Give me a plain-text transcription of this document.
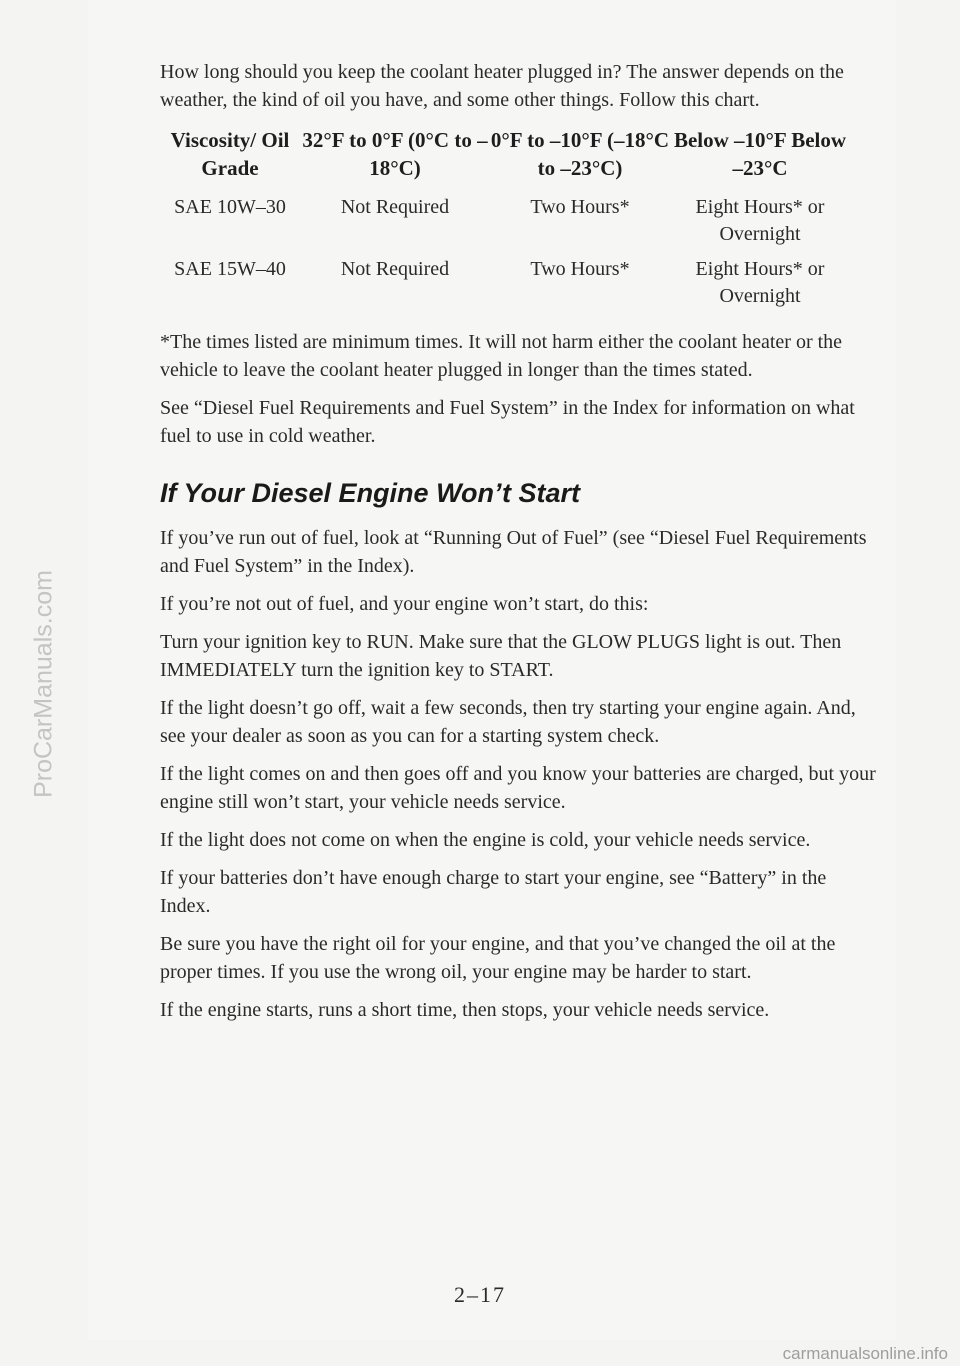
How long should you keep the coolant heater plugged in? The answer depends on the weather, the kind of oil you have, and some other things. Follow this chart.

Viscosity/ Oil Grade	32°F to 0°F (0°C to –18°C)	0°F to –10°F (–18°C to –23°C)	Below –10°F Below –23°C
SAE 10W–30	Not Required	Two Hours*	Eight Hours* or Overnight
SAE 15W–40	Not Required	Two Hours*	Eight Hours* or Overnight

*The times listed are minimum times. It will not harm either the coolant heater or the vehicle to leave the coolant heater plugged in longer than the times stated.

See “Diesel Fuel Requirements and Fuel System” in the Index for information on what fuel to use in cold weather.

If Your Diesel Engine Won’t Start

If you’ve run out of fuel, look at “Running Out of Fuel” (see “Diesel Fuel Requirements and Fuel System” in the Index).

If you’re not out of fuel, and your engine won’t start, do this:

Turn your ignition key to RUN. Make sure that the GLOW PLUGS light is out. Then IMMEDIATELY turn the ignition key to START.

If the light doesn’t go off, wait a few seconds, then try starting your engine again. And, see your dealer as soon as you can for a starting system check.

If the light comes on and then goes off and you know your batteries are charged, but your engine still won’t start, your vehicle needs service.

If the light does not come on when the engine is cold, your vehicle needs service.

If your batteries don’t have enough charge to start your engine, see “Battery” in the Index.

Be sure you have the right oil for your engine, and that you’ve changed the oil at the proper times. If you use the wrong oil, your engine may be harder to start.

If the engine starts, runs a short time, then stops, your vehicle needs service.

2–17
ProCarManuals.com
carmanualsonline.info
